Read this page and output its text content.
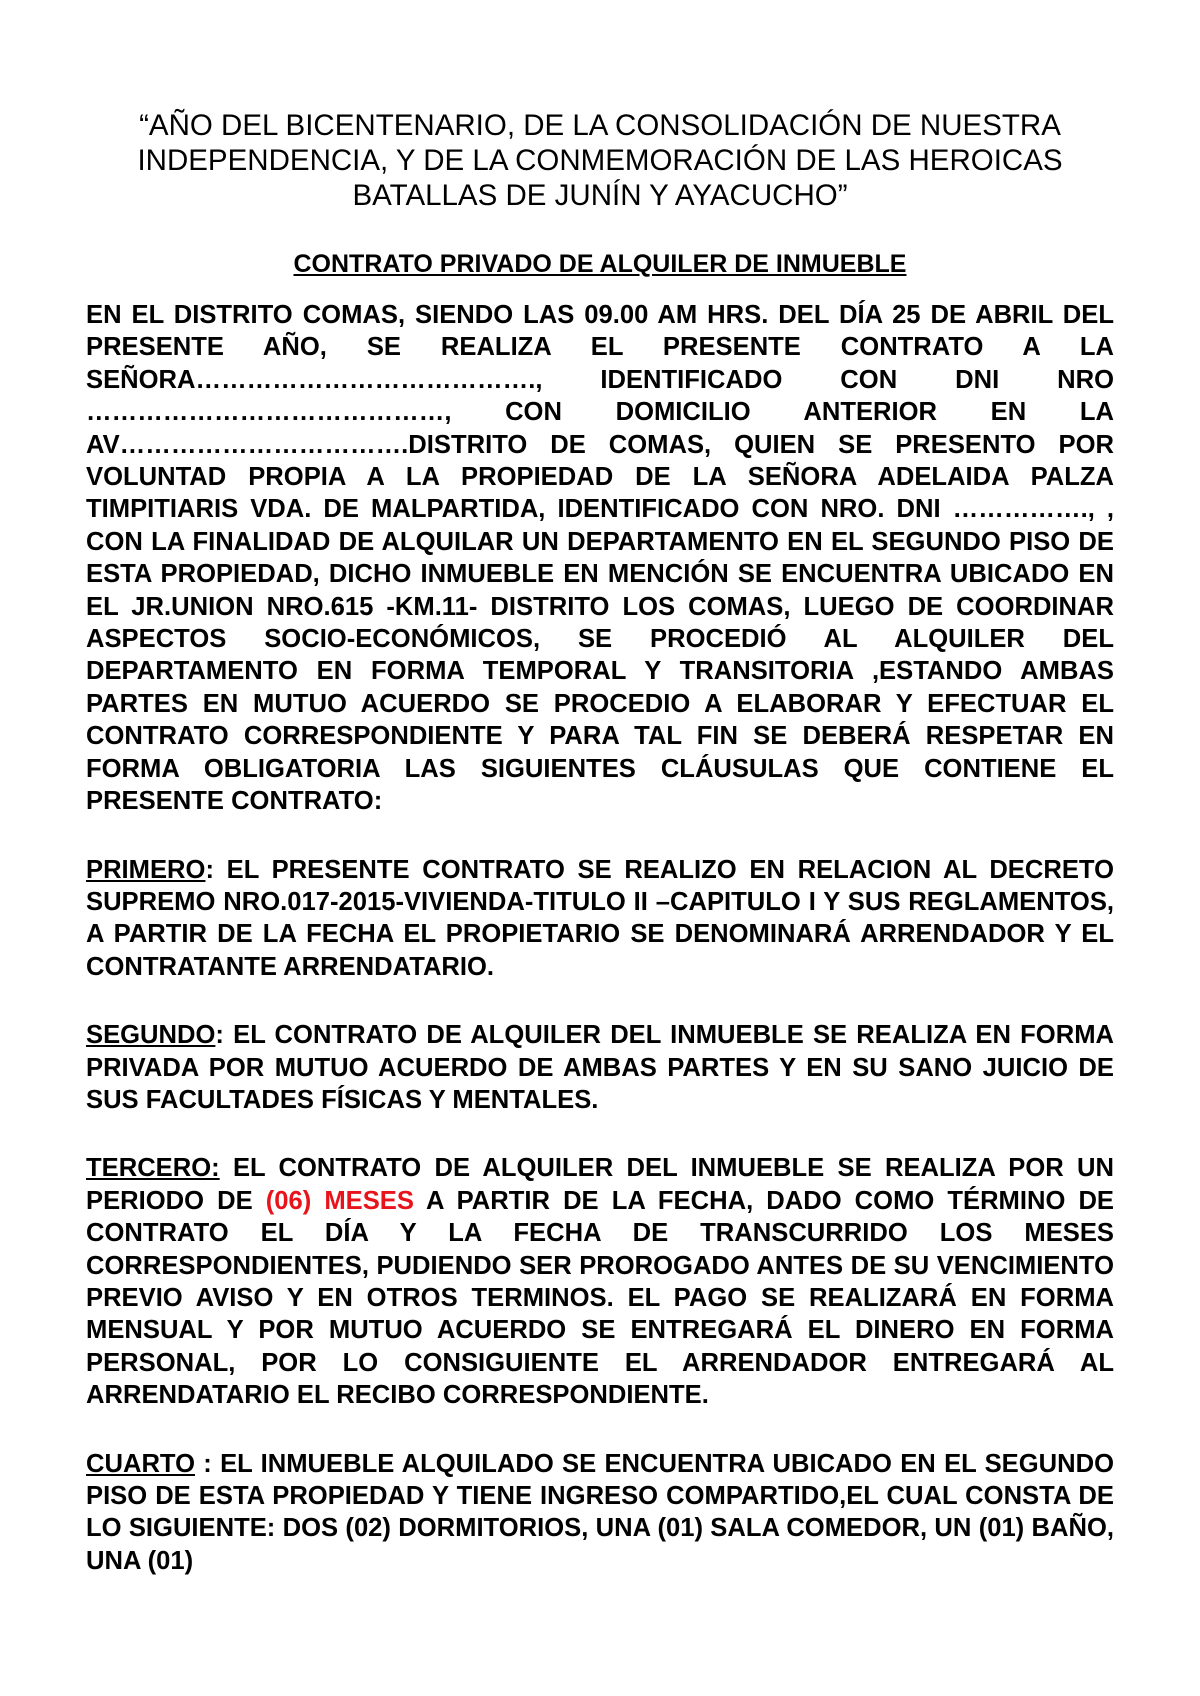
“AÑO DEL BICENTENARIO, DE LA CONSOLIDACIÓN DE NUESTRA
INDEPENDENCIA, Y DE LA CONMEMORACIÓN DE LAS HEROICAS
BATALLAS DE JUNÍN Y AYACUCHO”
CONTRATO PRIVADO DE ALQUILER DE INMUEBLE

EN EL DISTRITO COMAS, SIENDO LAS 09.00 AM HRS. DEL DÍA 25 DE ABRIL DEL PRESENTE AÑO, SE REALIZA EL PRESENTE CONTRATO A LA SEÑORA…………………………………., IDENTIFICADO CON DNI NRO ……………………………………, CON DOMICILIO ANTERIOR EN LA AV…………………………….DISTRITO DE COMAS, QUIEN SE PRESENTO POR VOLUNTAD PROPIA A LA PROPIEDAD DE LA SEÑORA ADELAIDA PALZA TIMPITIARIS VDA. DE MALPARTIDA, IDENTIFICADO CON NRO. DNI ……………., , CON LA FINALIDAD DE ALQUILAR UN DEPARTAMENTO EN EL SEGUNDO PISO DE ESTA PROPIEDAD, DICHO INMUEBLE EN MENCIÓN SE ENCUENTRA UBICADO EN EL JR.UNION NRO.615 -KM.11- DISTRITO LOS COMAS, LUEGO DE COORDINAR ASPECTOS SOCIO-ECONÓMICOS, SE PROCEDIÓ AL ALQUILER DEL DEPARTAMENTO EN FORMA TEMPORAL Y TRANSITORIA ,ESTANDO AMBAS PARTES EN MUTUO ACUERDO SE PROCEDIO A ELABORAR Y EFECTUAR EL CONTRATO CORRESPONDIENTE Y PARA TAL FIN SE DEBERÁ RESPETAR EN FORMA OBLIGATORIA LAS SIGUIENTES CLÁUSULAS QUE CONTIENE EL PRESENTE CONTRATO:

PRIMERO: EL PRESENTE CONTRATO SE REALIZO EN RELACION AL DECRETO SUPREMO NRO.017-2015-VIVIENDA-TITULO II –CAPITULO I Y SUS REGLAMENTOS, A PARTIR DE LA FECHA EL PROPIETARIO SE DENOMINARÁ ARRENDADOR Y EL CONTRATANTE ARRENDATARIO.

SEGUNDO: EL CONTRATO DE ALQUILER DEL INMUEBLE SE REALIZA EN FORMA PRIVADA POR MUTUO ACUERDO DE AMBAS PARTES Y EN SU SANO JUICIO DE SUS FACULTADES FÍSICAS Y MENTALES.

TERCERO: EL CONTRATO DE ALQUILER DEL INMUEBLE SE REALIZA POR UN PERIODO DE (06) MESES A PARTIR DE LA FECHA, DADO COMO TÉRMINO DE CONTRATO EL DÍA Y LA FECHA DE TRANSCURRIDO LOS MESES CORRESPONDIENTES, PUDIENDO SER PROROGADO ANTES DE SU VENCIMIENTO PREVIO AVISO Y EN OTROS TERMINOS. EL PAGO SE REALIZARÁ EN FORMA MENSUAL Y POR MUTUO ACUERDO SE ENTREGARÁ EL DINERO EN FORMA PERSONAL, POR LO CONSIGUIENTE EL ARRENDADOR ENTREGARÁ AL ARRENDATARIO EL RECIBO CORRESPONDIENTE.

CUARTO : EL INMUEBLE ALQUILADO SE ENCUENTRA UBICADO EN EL SEGUNDO PISO DE ESTA PROPIEDAD Y TIENE INGRESO COMPARTIDO,EL CUAL CONSTA DE LO SIGUIENTE: DOS (02) DORMITORIOS, UNA (01) SALA COMEDOR, UN (01) BAÑO, UNA (01)
